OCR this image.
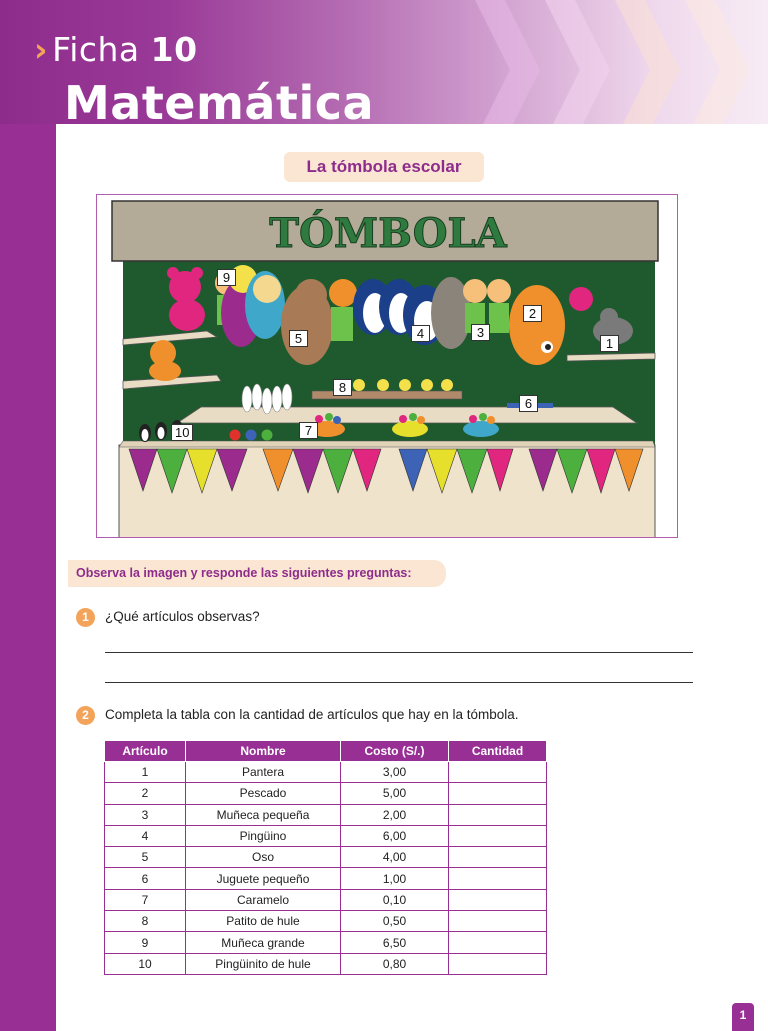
› Ficha 10
Matemática
La tómbola escolar
TÓMBOLA
9
5	4	3
2
1
8
6
10	7
Observa la imagen y responde las siguientes preguntas:
1	¿Qué artículos observas?
2	Completa la tabla con la cantidad de artículos que hay en la tómbola.
Artículo	Nombre	Costo (S/.)	Cantidad
1	Pantera	3,00	
2	Pescado	5,00	
3	Muñeca pequeña	2,00	
4	Pingüino	6,00	
5	Oso	4,00	
6	Juguete pequeño	1,00	
7	Caramelo	0,10	
8	Patito de hule	0,50	
9	Muñeca grande	6,50	
10	Pingüinito de hule	0,80	
1
